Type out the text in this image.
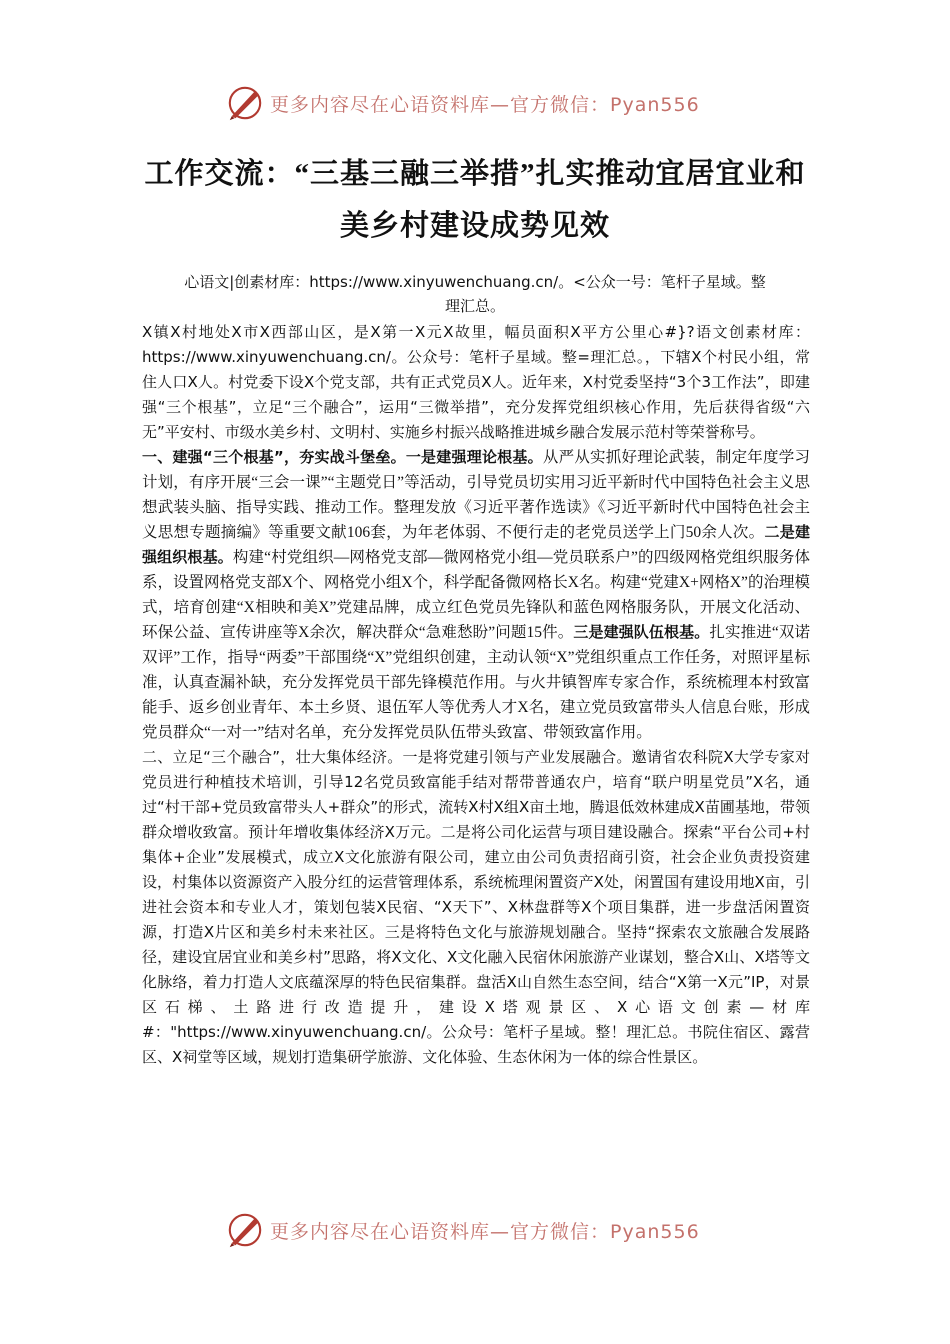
更多内容尽在心语资料库—官方微信：Pyan556
工作交流：“三基三融三举措”扎实推动宜居宜业和
美乡村建设成势见效
心语文|创素材库：https://www.xinyuwenchuang.cn/。<公众一号：笔杆子星域。整
理汇总。

X镇X村地处X市X西部山区，是X第一X元X故里，幅员面积X平方公里心#}?语文创素材库：https://www.xinyuwenchuang.cn/。公众号：笔杆子星域。整=理汇总。，下辖X个村民小组，常住人口X人。村党委下设X个党支部，共有正式党员X人。近年来，X村党委坚持“3个3工作法”，即建强“三个根基”，立足“三个融合”，运用“三微举措”，充分发挥党组织核心作用，先后获得省级“六无”平安村、市级水美乡村、文明村、实施乡村振兴战略推进城乡融合发展示范村等荣誉称号。

一、建强“三个根基”，夯实战斗堡垒。一是建强理论根基。从严从实抓好理论武装，制定年度学习计划，有序开展“三会一课”“主题党日”等活动，引导党员切实用习近平新时代中国特色社会主义思想武装头脑、指导实践、推动工作。整理发放《习近平著作选读》《习近平新时代中国特色社会主义思想专题摘编》等重要文献106套，为年老体弱、不便行走的老党员送学上门50余人次。二是建强组织根基。构建“村党组织—网格党支部—微网格党小组—党员联系户”的四级网格党组织服务体系，设置网格党支部X个、网格党小组X个，科学配备微网格长X名。构建“党建X+网格X”的治理模式，培育创建“X相映和美X”党建品牌，成立红色党员先锋队和蓝色网格服务队，开展文化活动、环保公益、宣传讲座等X余次，解决群众“急难愁盼”问题15件。三是建强队伍根基。扎实推进“双诺双评”工作，指导“两委”干部围绕“X”党组织创建，主动认领“X”党组织重点工作任务，对照评星标准，认真查漏补缺，充分发挥党员干部先锋模范作用。与火井镇智库专家合作，系统梳理本村致富能手、返乡创业青年、本土乡贤、退伍军人等优秀人才X名，建立党员致富带头人信息台账，形成党员群众“一对一”结对名单，充分发挥党员队伍带头致富、带领致富作用。

二、立足“三个融合”，壮大集体经济。一是将党建引领与产业发展融合。邀请省农科院X大学专家对党员进行种植技术培训，引导12名党员致富能手结对帮带普通农户，培育“联户明星党员”X名，通过“村干部+党员致富带头人+群众”的形式，流转X村X组X亩土地，腾退低效林建成X苗圃基地，带领群众增收致富。预计年增收集体经济X万元。二是将公司化运营与项目建设融合。探索“平台公司+村集体+企业”发展模式，成立X文化旅游有限公司，建立由公司负责招商引资，社会企业负责投资建设，村集体以资源资产入股分红的运营管理体系，系统梳理闲置资产X处，闲置国有建设用地X亩，引进社会资本和专业人才，策划包装X民宿、“X天下”、X林盘群等X个项目集群，进一步盘活闲置资源，打造X片区和美乡村未来社区。三是将特色文化与旅游规划融合。坚持“探索农文旅融合发展路径，建设宜居宜业和美乡村”思路，将X文化、X文化融入民宿休闲旅游产业谋划，整合X山、X塔等文化脉络，着力打造人文底蕴深厚的特色民宿集群。盘活X山自然生态空间，结合“X第一X元”IP，对景区石梯、土路进行改造提升，建设X塔观景区、X心语文创素—材库#："https://www.xinyuwenchuang.cn/。公众号：笔杆子星域。整！理汇总。书院住宿区、露营区、X祠堂等区域，规划打造集研学旅游、文化体验、生态休闲为一体的综合性景区。

更多内容尽在心语资料库—官方微信：Pyan556
